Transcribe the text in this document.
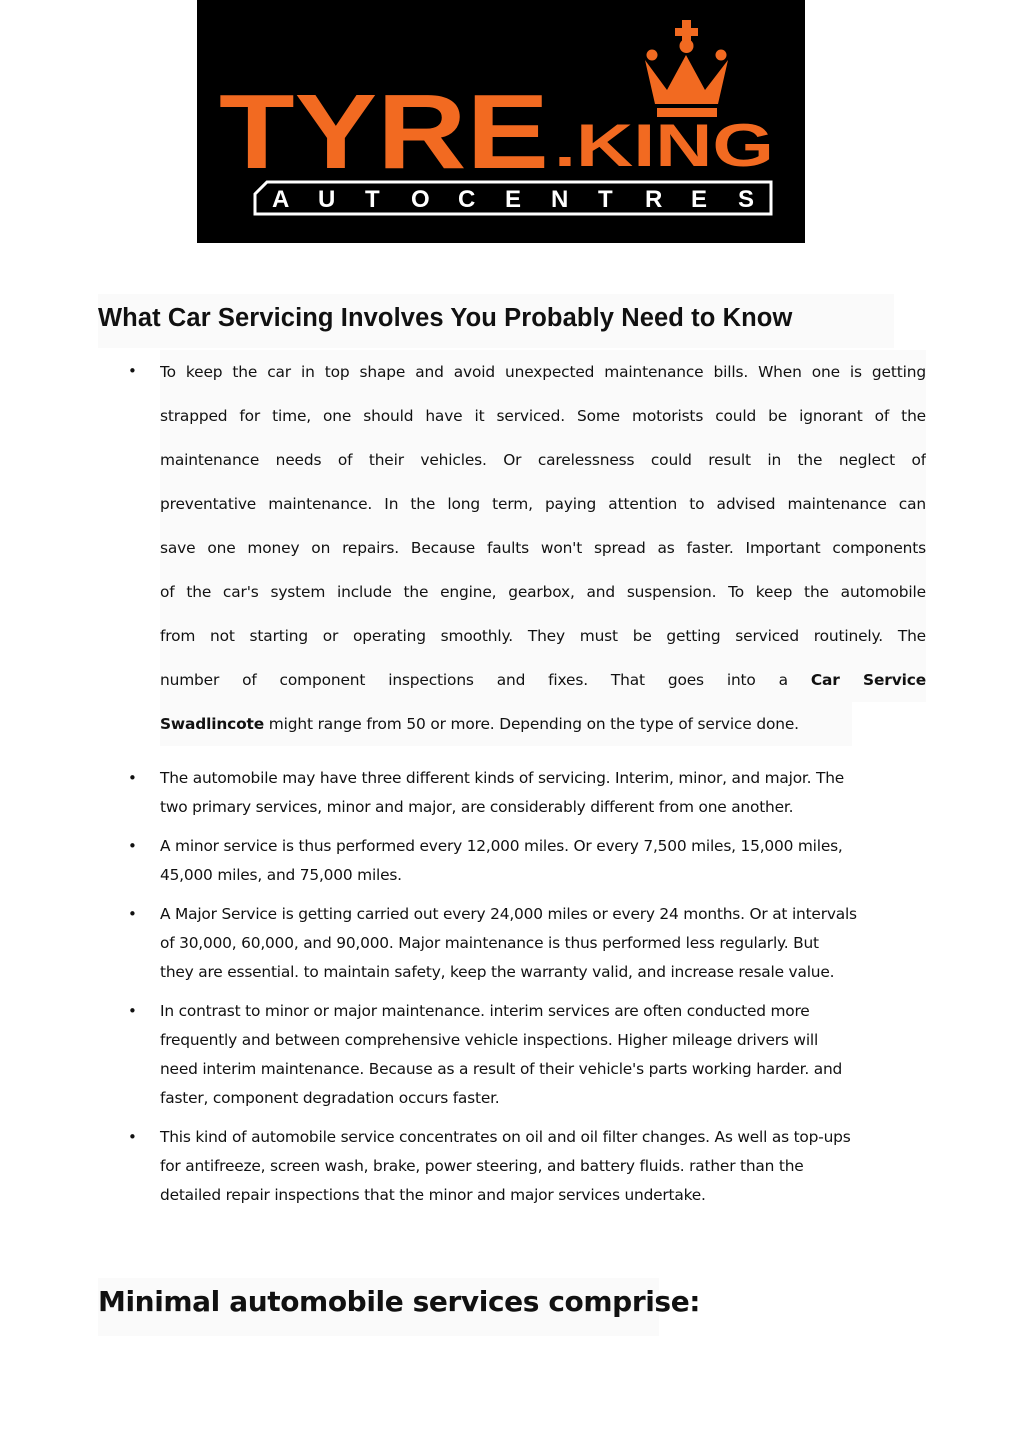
TYRE .KING
A U T O C E N T R E S
What Car Servicing Involves You Probably Need to Know
• To keep the car in top shape and avoid unexpected maintenance bills. When one is getting
strapped for time, one should have it serviced. Some motorists could be ignorant of the
maintenance needs of their vehicles. Or carelessness could result in the neglect of
preventative maintenance. In the long term, paying attention to advised maintenance can
save one money on repairs. Because faults won't spread as faster. Important components
of the car's system include the engine, gearbox, and suspension. To keep the automobile
from not starting or operating smoothly. They must be getting serviced routinely. The
number of component inspections and fixes. That goes into a Car Service
Swadlincote might range from 50 or more. Depending on the type of service done.
• The automobile may have three different kinds of servicing. Interim, minor, and major. The
two primary services, minor and major, are considerably different from one another.
• A minor service is thus performed every 12,000 miles. Or every 7,500 miles, 15,000 miles,
45,000 miles, and 75,000 miles.
• A Major Service is getting carried out every 24,000 miles or every 24 months. Or at intervals
of 30,000, 60,000, and 90,000. Major maintenance is thus performed less regularly. But
they are essential. to maintain safety, keep the warranty valid, and increase resale value.
• In contrast to minor or major maintenance. interim services are often conducted more
frequently and between comprehensive vehicle inspections. Higher mileage drivers will
need interim maintenance. Because as a result of their vehicle's parts working harder. and
faster, component degradation occurs faster.
• This kind of automobile service concentrates on oil and oil filter changes. As well as top-ups
for antifreeze, screen wash, brake, power steering, and battery fluids. rather than the
detailed repair inspections that the minor and major services undertake.
Minimal automobile services comprise:
